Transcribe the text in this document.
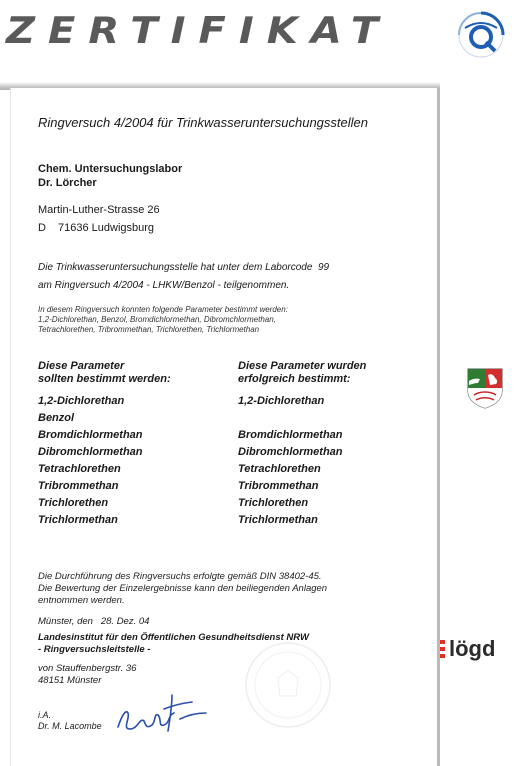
ZERTIFIKAT
Ringversuch 4/2004 für Trinkwasseruntersuchungsstellen
Chem. Untersuchungslabor
Dr. Lörcher
Martin-Luther-Strasse 26
D 71636 Ludwigsburg
Die Trinkwasseruntersuchungsstelle hat unter dem Laborcode 99
am Ringversuch 4/2004 - LHKW/Benzol - teilgenommen.
In diesem Ringversuch konnten folgende Parameter bestimmt werden:
1,2-Dichlorethan, Benzol, Bromdichlormethan, Dibromchlormethan,
Tetrachlorethen, Tribrommethan, Trichlorethen, Trichlormethan
Diese Parameter
sollten bestimmt werden:
Diese Parameter wurden
erfolgreich bestimmt:
1,2-Dichlorethan
Benzol
Bromdichlormethan
Dibromchlormethan
Tetrachlorethen
Tribrommethan
Trichlorethen
Trichlormethan
1,2-Dichlorethan
Bromdichlormethan
Dibromchlormethan
Tetrachlorethen
Tribrommethan
Trichlorethen
Trichlormethan
Die Durchführung des Ringversuchs erfolgte gemäß DIN 38402-45.
Die Bewertung der Einzelergebnisse kann den beiliegenden Anlagen
entnommen werden.
Münster, den 28. Dez. 04
Landesinstitut für den Öffentlichen Gesundheitsdienst NRW
- Ringversuchsleitstelle -
von Stauffenbergstr. 36
48151 Münster
i.A.
Dr. M. Lacombe
lögd
